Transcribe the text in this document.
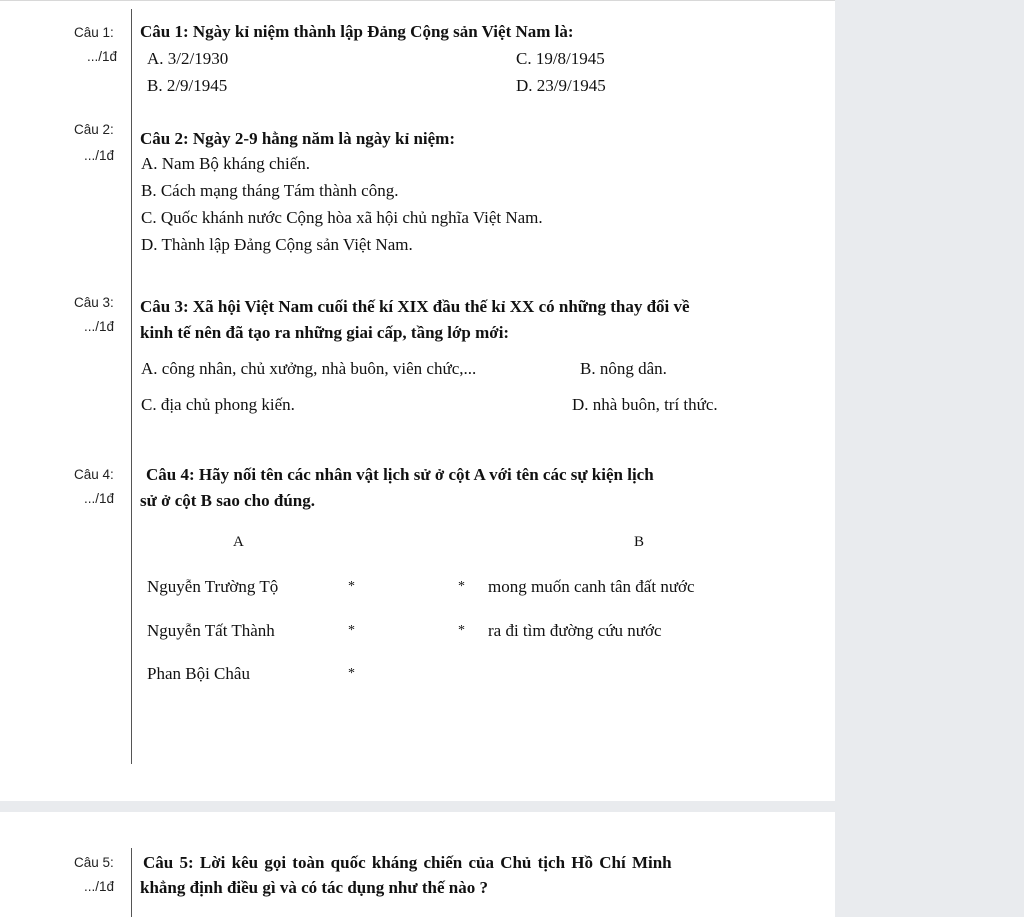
Câu 1:
.../1đ
Câu 1: Ngày kỉ niệm thành lập Đảng Cộng sản Việt Nam là:
A. 3/2/1930	C. 19/8/1945
B. 2/9/1945	D. 23/9/1945
Câu 2:
.../1đ
Câu 2: Ngày 2-9 hằng năm là ngày kỉ niệm:
A. Nam Bộ kháng chiến.
B. Cách mạng tháng Tám thành công.
C. Quốc khánh nước Cộng hòa xã hội chủ nghĩa Việt Nam.
D. Thành lập Đảng Cộng sản Việt Nam.
Câu 3:
.../1đ
Câu 3: Xã hội Việt Nam cuối thế kí XIX đầu thế kỉ XX có những thay đổi về
kinh tế nên đã tạo ra những giai cấp, tầng lớp mới:
A. công nhân, chủ xưởng, nhà buôn, viên chức,...	B. nông dân.
C. địa chủ phong kiến.	D. nhà buôn, trí thức.
Câu 4:
.../1đ
Câu 4: Hãy nối tên các nhân vật lịch sử ở cột A với tên các sự kiện lịch
sử ở cột B sao cho đúng.
A	B
Nguyễn Trường Tộ	*	* mong muốn canh tân đất nước
Nguyễn Tất Thành	*	* ra đi tìm đường cứu nước
Phan Bội Châu	*
Câu 5:
.../1đ
Câu 5: Lời kêu gọi toàn quốc kháng chiến của Chủ tịch Hồ Chí Minh
khẳng định điều gì và có tác dụng như thế nào ?
